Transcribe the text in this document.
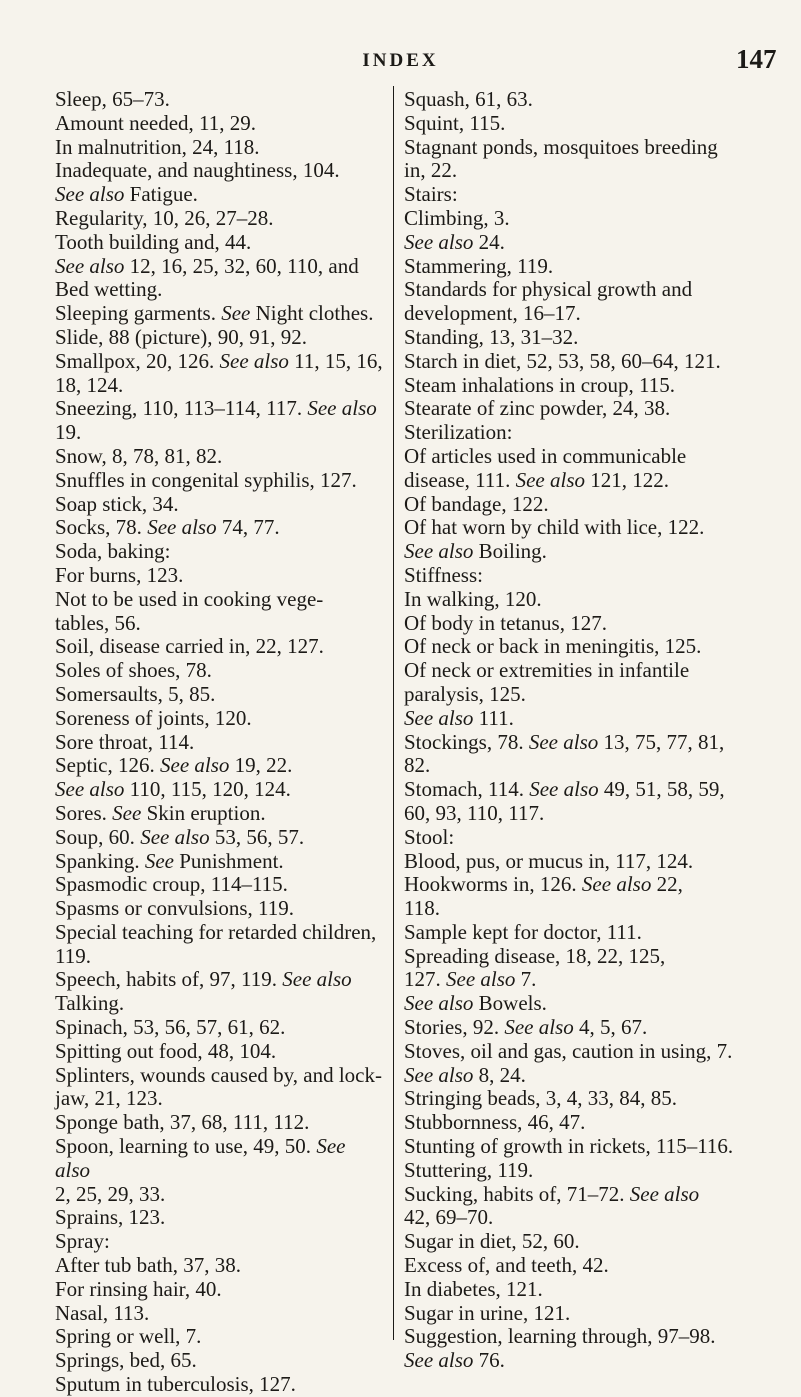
INDEX	147
Sleep, 65–73.
Amount needed, 11, 29.
In malnutrition, 24, 118.
Inadequate, and naughtiness, 104.
See also Fatigue.
Regularity, 10, 26, 27–28.
Tooth building and, 44.
See also 12, 16, 25, 32, 60, 110, and
Bed wetting.
Sleeping garments. See Night clothes.
Slide, 88 (picture), 90, 91, 92.
Smallpox, 20, 126. See also 11, 15, 16,
18, 124.
Sneezing, 110, 113–114, 117. See also
19.
Snow, 8, 78, 81, 82.
Snuffles in congenital syphilis, 127.
Soap stick, 34.
Socks, 78. See also 74, 77.
Soda, baking:
For burns, 123.
Not to be used in cooking vege-
tables, 56.
Soil, disease carried in, 22, 127.
Soles of shoes, 78.
Somersaults, 5, 85.
Soreness of joints, 120.
Sore throat, 114.
Septic, 126. See also 19, 22.
See also 110, 115, 120, 124.
Sores. See Skin eruption.
Soup, 60. See also 53, 56, 57.
Spanking. See Punishment.
Spasmodic croup, 114–115.
Spasms or convulsions, 119.
Special teaching for retarded children,
119.
Speech, habits of, 97, 119. See also
Talking.
Spinach, 53, 56, 57, 61, 62.
Spitting out food, 48, 104.
Splinters, wounds caused by, and lock-
jaw, 21, 123.
Sponge bath, 37, 68, 111, 112.
Spoon, learning to use, 49, 50. See also
2, 25, 29, 33.
Sprains, 123.
Spray:
After tub bath, 37, 38.
For rinsing hair, 40.
Nasal, 113.
Spring or well, 7.
Springs, bed, 65.
Sputum in tuberculosis, 127.
Squash, 61, 63.
Squint, 115.
Stagnant ponds, mosquitoes breeding
in, 22.
Stairs:
Climbing, 3.
See also 24.
Stammering, 119.
Standards for physical growth and
development, 16–17.
Standing, 13, 31–32.
Starch in diet, 52, 53, 58, 60–64, 121.
Steam inhalations in croup, 115.
Stearate of zinc powder, 24, 38.
Sterilization:
Of articles used in communicable
disease, 111. See also 121, 122.
Of bandage, 122.
Of hat worn by child with lice, 122.
See also Boiling.
Stiffness:
In walking, 120.
Of body in tetanus, 127.
Of neck or back in meningitis, 125.
Of neck or extremities in infantile
paralysis, 125.
See also 111.
Stockings, 78. See also 13, 75, 77, 81,
82.
Stomach, 114. See also 49, 51, 58, 59,
60, 93, 110, 117.
Stool:
Blood, pus, or mucus in, 117, 124.
Hookworms in, 126. See also 22,
118.
Sample kept for doctor, 111.
Spreading disease, 18, 22, 125,
127. See also 7.
See also Bowels.
Stories, 92. See also 4, 5, 67.
Stoves, oil and gas, caution in using, 7.
See also 8, 24.
Stringing beads, 3, 4, 33, 84, 85.
Stubbornness, 46, 47.
Stunting of growth in rickets, 115–116.
Stuttering, 119.
Sucking, habits of, 71–72. See also
42, 69–70.
Sugar in diet, 52, 60.
Excess of, and teeth, 42.
In diabetes, 121.
Sugar in urine, 121.
Suggestion, learning through, 97–98.
See also 76.
